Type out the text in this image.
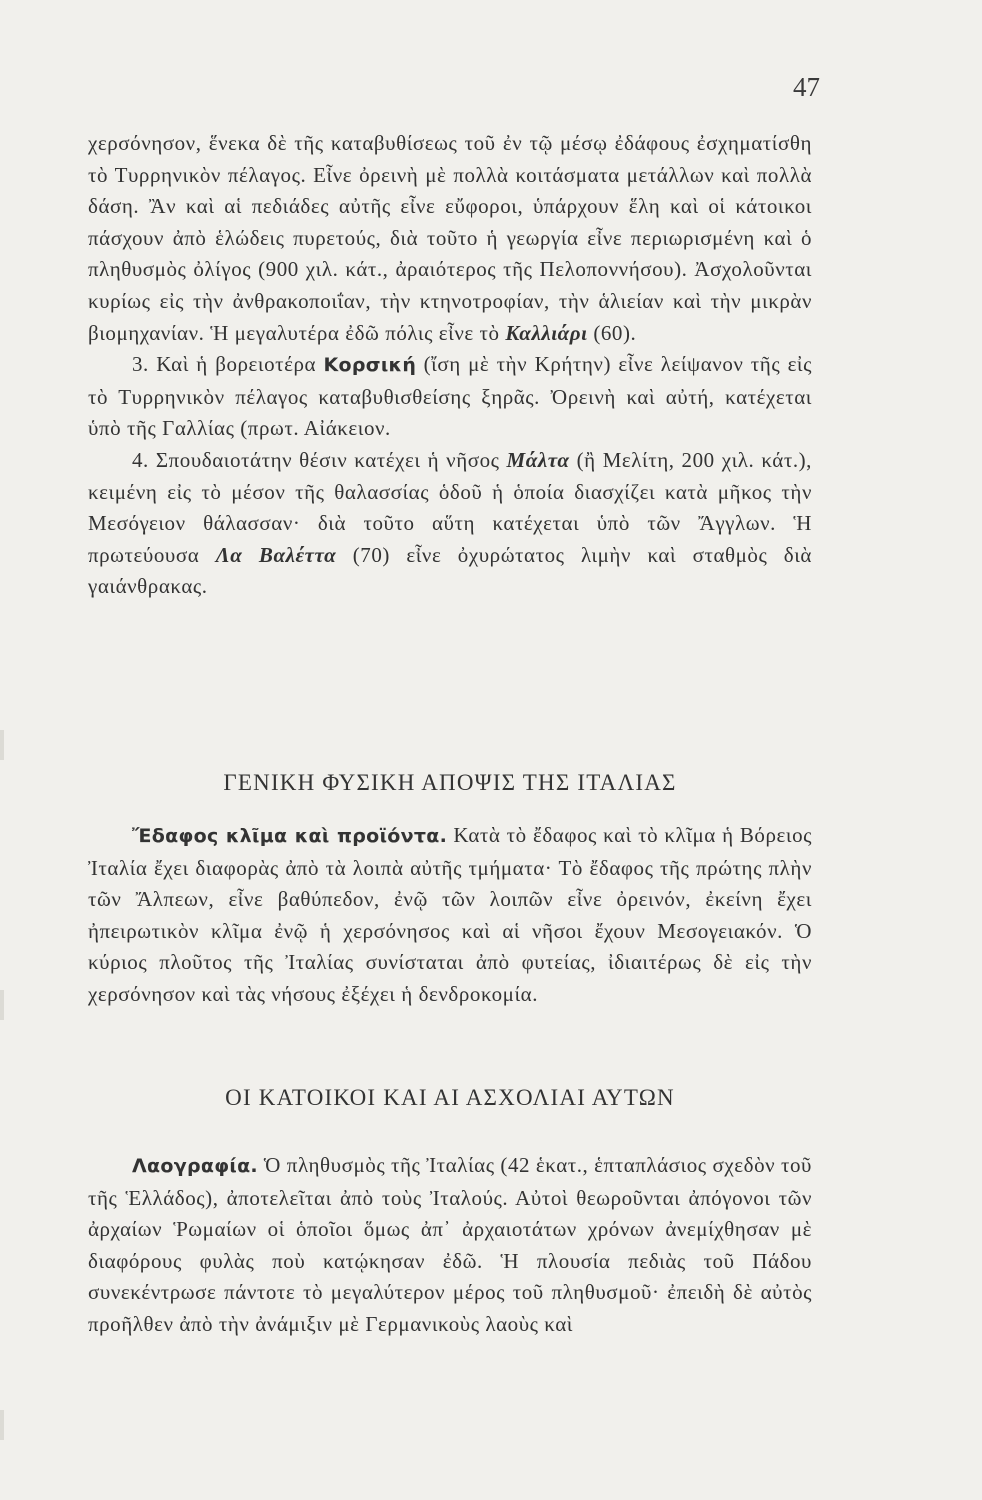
47

χερσόνησον, ἕνεκα δὲ τῆς καταβυθίσεως τοῦ ἐν τῷ μέσῳ ἐδάφους ἐσχηματίσθη τὸ Τυρρηνικὸν πέλαγος. Εἶνε ὀρεινὴ μὲ πολλὰ κοιτάσματα μετάλλων καὶ πολλὰ δάση. Ἂν καὶ αἱ πεδιάδες αὐτῆς εἶνε εὔφοροι, ὑπάρχουν ἕλη καὶ οἱ κάτοικοι πάσχουν ἀπὸ ἑλώδεις πυρετούς, διὰ τοῦτο ἡ γεωργία εἶνε περιωρισμένη καὶ ὁ πληθυσμὸς ὀλίγος (900 χιλ. κάτ., ἀραιότερος τῆς Πελοποννήσου). Ἀσχολοῦνται κυρίως εἰς τὴν ἀνθρακοποιΐαν, τὴν κτηνοτροφίαν, τὴν ἁλιείαν καὶ τὴν μικρὰν βιομηχανίαν. Ἡ μεγαλυτέρα ἐδῶ πόλις εἶνε τὸ Καλλιάρι (60).

3. Καὶ ἡ βορειοτέρα Κορσική (ἴση μὲ τὴν Κρήτην) εἶνε λείψανον τῆς εἰς τὸ Τυρρηνικὸν πέλαγος καταβυθισθείσης ξηρᾶς. Ὀρεινὴ καὶ αὐτή, κατέχεται ὑπὸ τῆς Γαλλίας (πρωτ. Αἰάκειον.

4. Σπουδαιοτάτην θέσιν κατέχει ἡ νῆσος Μάλτα (ἢ Μελίτη, 200 χιλ. κάτ.), κειμένη εἰς τὸ μέσον τῆς θαλασσίας ὁδοῦ ἡ ὁποία διασχίζει κατὰ μῆκος τὴν Μεσόγειον θάλασσαν· διὰ τοῦτο αὕτη κατέχεται ὑπὸ τῶν Ἄγγλων. Ἡ πρωτεύουσα Λα Βαλέττα (70) εἶνε ὀχυρώτατος λιμὴν καὶ σταθμὸς διὰ γαιάνθρακας.

ΓΕΝΙΚΗ ΦΥΣΙΚΗ ΑΠΟΨΙΣ ΤΗΣ ΙΤΑΛΙΑΣ

Ἔδαφος κλῖμα καὶ προϊόντα. Κατὰ τὸ ἔδαφος καὶ τὸ κλῖμα ἡ Βόρειος Ἰταλία ἔχει διαφορὰς ἀπὸ τὰ λοιπὰ αὐτῆς τμήματα· Τὸ ἔδαφος τῆς πρώτης πλὴν τῶν Ἄλπεων, εἶνε βαθύπεδον, ἐνῷ τῶν λοιπῶν εἶνε ὀρεινόν, ἐκείνη ἔχει ἠπειρωτικὸν κλῖμα ἐνῷ ἡ χερσόνησος καὶ αἱ νῆσοι ἔχουν Μεσογειακόν. Ὁ κύριος πλοῦτος τῆς Ἰταλίας συνίσταται ἀπὸ φυτείας, ἰδιαιτέρως δὲ εἰς τὴν χερσόνησον καὶ τὰς νήσους ἐξέχει ἡ δενδροκομία.

ΟΙ ΚΑΤΟΙΚΟΙ ΚΑΙ ΑΙ ΑΣΧΟΛΙΑΙ ΑΥΤΩΝ

Λαογραφία. Ὁ πληθυσμὸς τῆς Ἰταλίας (42 ἑκατ., ἑπταπλάσιος σχεδὸν τοῦ τῆς Ἑλλάδος), ἀποτελεῖται ἀπὸ τοὺς Ἰταλούς. Αὐτοὶ θεωροῦνται ἀπόγονοι τῶν ἀρχαίων Ῥωμαίων οἱ ὁποῖοι ὅμως ἀπ᾽ ἀρχαιοτάτων χρόνων ἀνεμίχθησαν μὲ διαφόρους φυλὰς ποὺ κατῴκησαν ἐδῶ. Ἡ πλουσία πεδιὰς τοῦ Πάδου συνεκέντρωσε πάντοτε τὸ μεγαλύτερον μέρος τοῦ πληθυσμοῦ· ἐπειδὴ δὲ αὐτὸς προῆλθεν ἀπὸ τὴν ἀνάμιξιν μὲ Γερμανικοὺς λαοὺς καὶ
